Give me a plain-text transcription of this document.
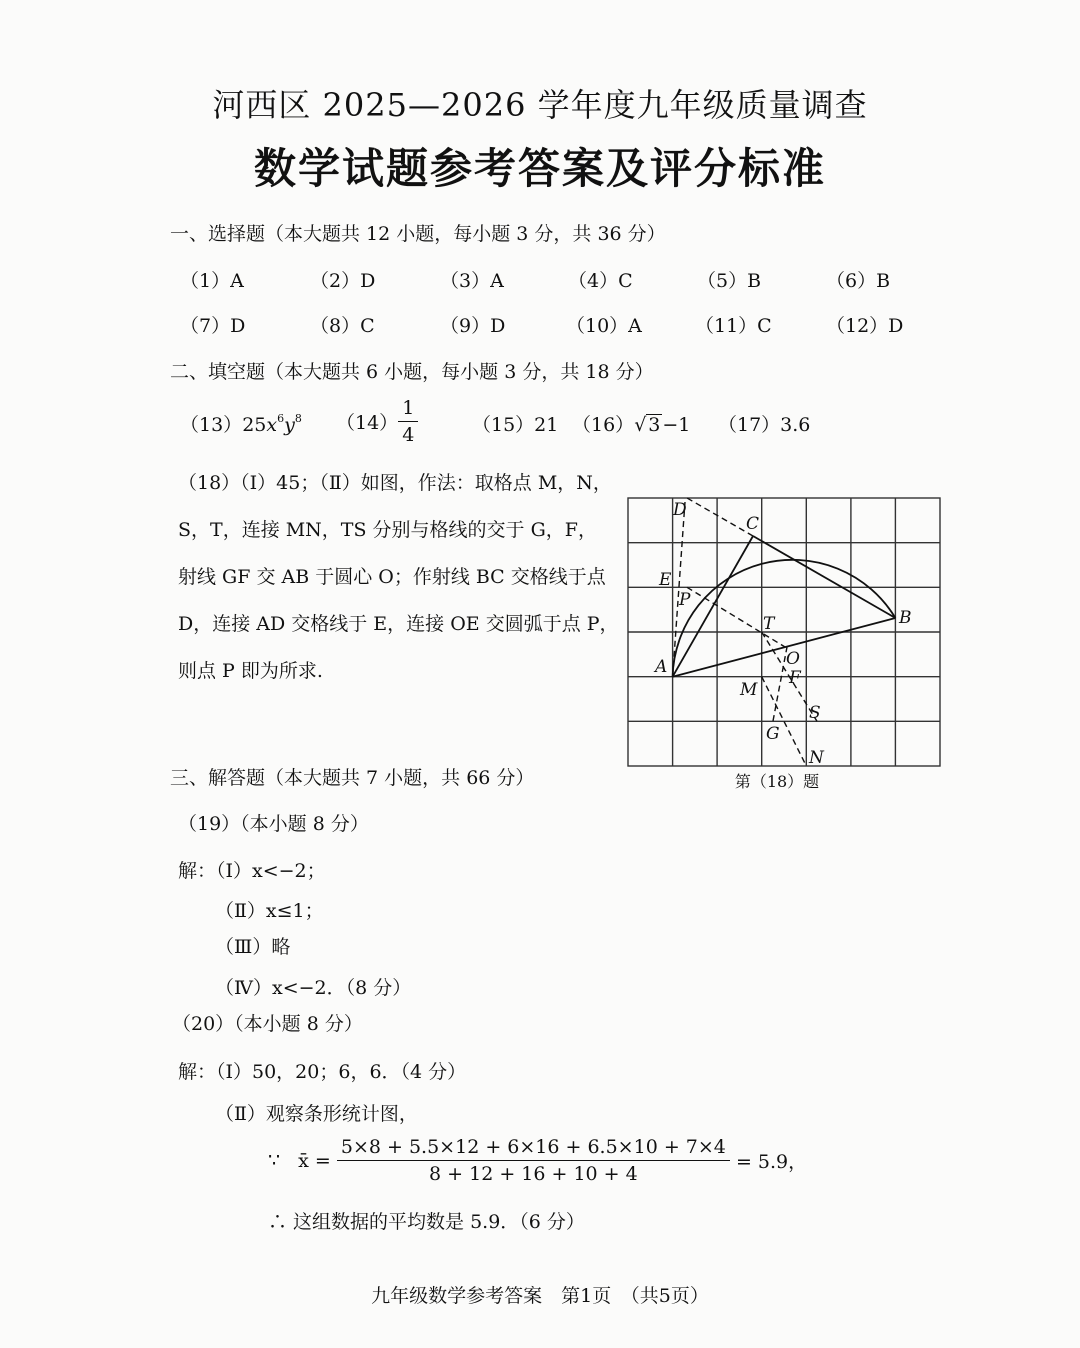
河西区 2025—2026 学年度九年级质量调查
数学试题参考答案及评分标准
一、选择题（本大题共 12 小题，每小题 3 分，共 36 分）
（1）A	（2）D	（3）A	（4）C	（5）B	（6）B
（7）D	（8）C	（9）D	（10）A	（11）C	（12）D
二、填空题（本大题共 6 小题，每小题 3 分，共 18 分）
$(13)25x^6y^8$ $(14) \frac{1}{4}$	（15）21 （16）√ 3 −1 （17）3.6
（18）（Ⅰ）45；（Ⅱ）如图，作法：取格点 M，N，
S，T，连接 MN，TS 分别与格线的交于 G，F，
射线 GF 交 AB 于圆心 O；作射线 BC 交格线于点
D，连接 AD 交格线于 E，连接 OE 交圆弧于点 P，
则点 P 即为所求.
D
C
E
P
T	B
A	O
F
M
S
G
N
第（18）题
三、解答题（本大题共 7 小题，共 66 分）
（19）（本小题 8 分）
解：（Ⅰ）x<−2；
（Ⅱ）x≤1；
（Ⅲ）略
（Ⅳ）x<−2．（8 分）
（20）（本小题 8 分）
解：（Ⅰ）50，20；6，6．（4 分）
（Ⅱ）观察条形统计图，
∵ x̄ = $\frac{5\times 8 + 5.5\times 12 + 6\times 16 + 6.5\times 10 + 7\times 4}{8 + 12 + 16 + 10 + 4} = 5.9$，
∴ 这组数据的平均数是 5.9．（6 分）
九年级数学参考答案　第1页　（共5页）
